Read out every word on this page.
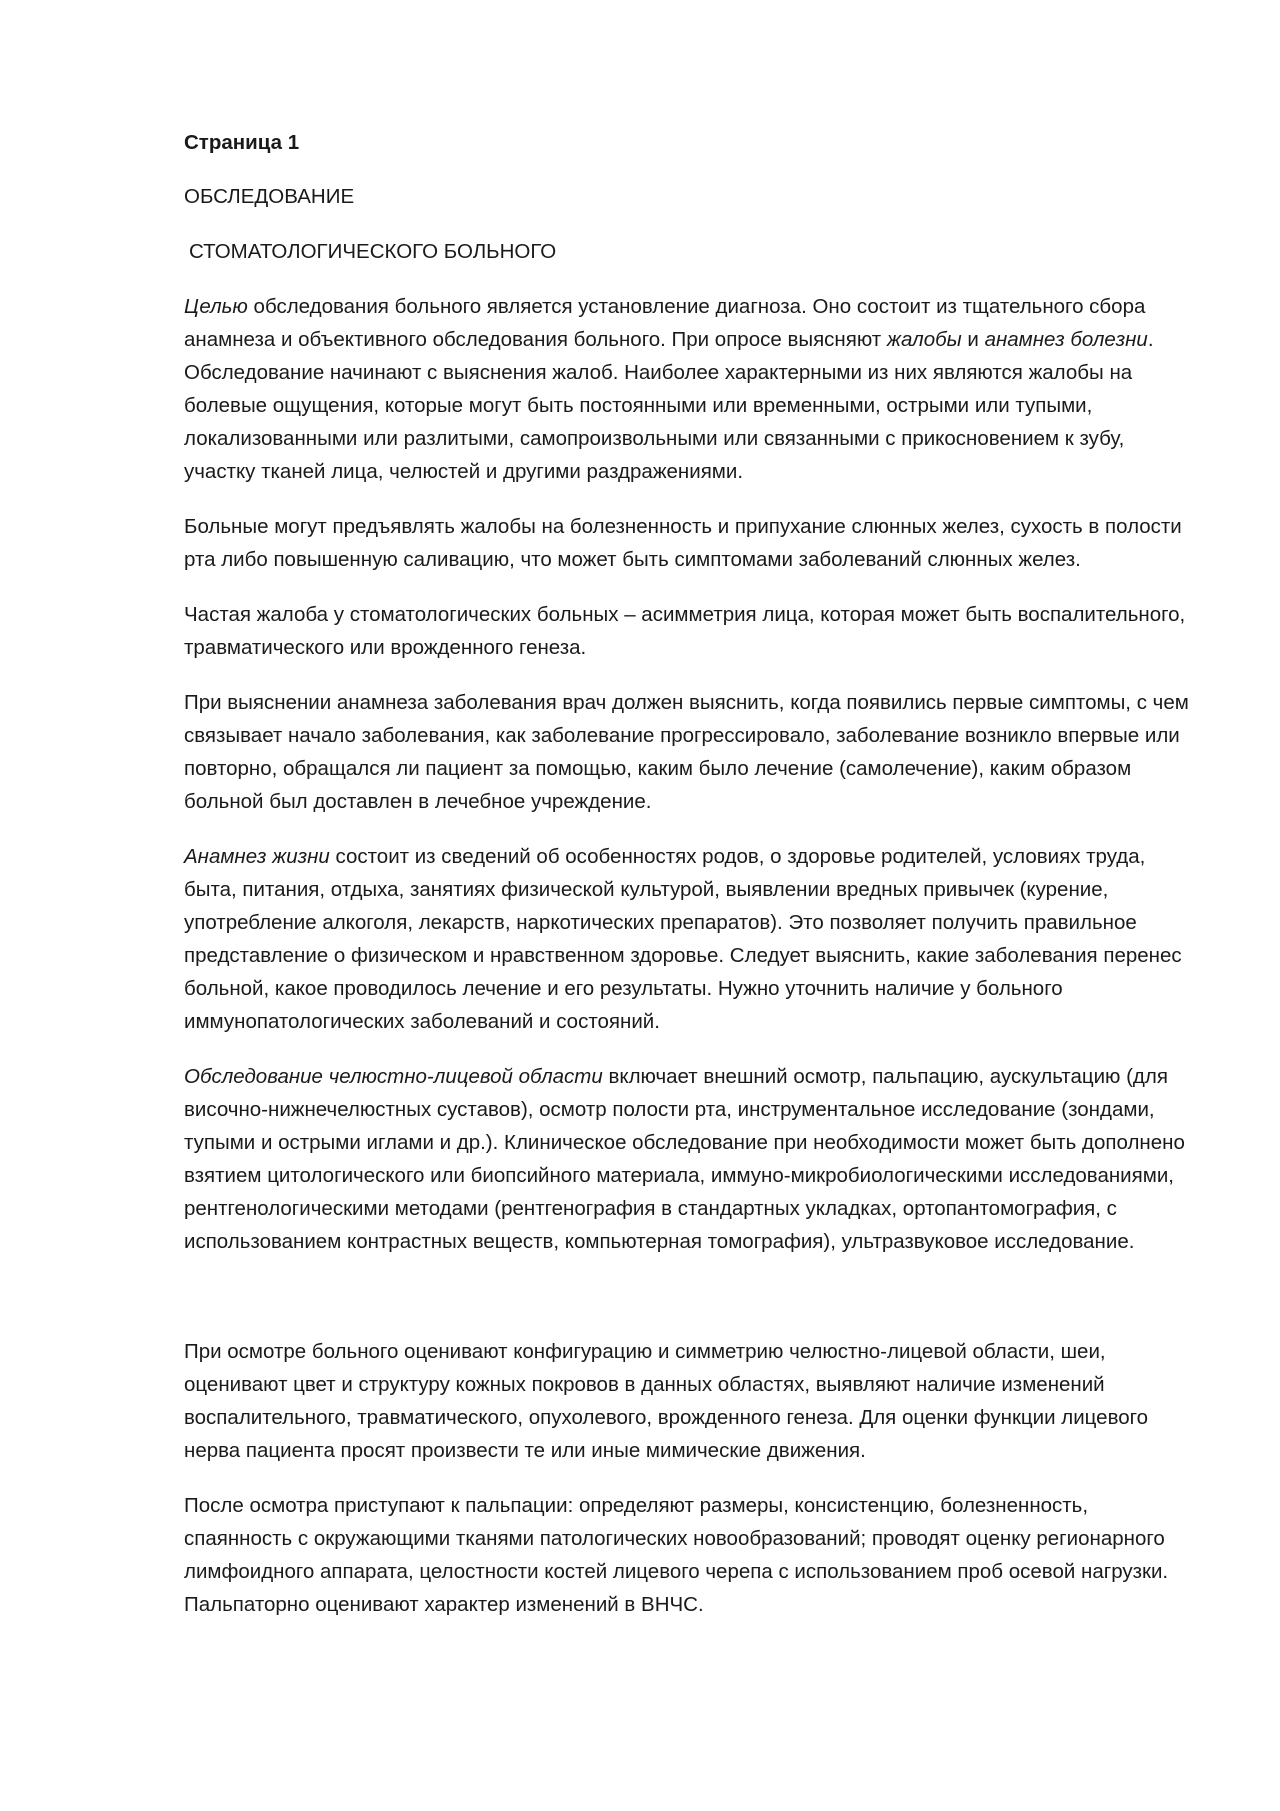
Страница 1

ОБСЛЕДОВАНИЕ

СТОМАТОЛОГИЧЕСКОГО БОЛЬНОГО

Целью обследования больного является установление диагноза. Оно состоит из тщательного сбора анамнеза и объективного обследования больного. При опросе выясняют жалобы и анамнез болезни. Обследование начинают с выяснения жалоб. Наиболее характерными из них являются жалобы на болевые ощущения, которые могут быть постоянными или временными, острыми или тупыми, локализованными или разлитыми, самопроизвольными или связанными с прикосновением к зубу, участку тканей лица, челюстей и другими раздражениями.

Больные могут предъявлять жалобы на болезненность и припухание слюнных желез, сухость в полости рта либо повышенную саливацию, что может быть симптомами заболеваний слюнных желез.

Частая жалоба у стоматологических больных – асимметрия лица, которая может быть воспалительного, травматического или врожденного генеза.

При выяснении анамнеза заболевания врач должен выяснить, когда появились первые симптомы, с чем связывает начало заболевания, как заболевание прогрессировало, заболевание возникло впервые или повторно, обращался ли пациент за помощью, каким было лечение (самолечение), каким образом больной был доставлен в лечебное учреждение.

Анамнез жизни состоит из сведений об особенностях родов, о здоровье родителей, условиях труда, быта, питания, отдыха, занятиях физической культурой, выявлении вредных привычек (курение, употребление алкоголя, лекарств, наркотических препаратов). Это позволяет получить правильное представление о физическом и нравственном здоровье. Следует выяснить, какие заболевания перенес больной, какое проводилось лечение и его результаты. Нужно уточнить наличие у больного иммунопатологических заболеваний и состояний.

Обследование челюстно-лицевой области включает внешний осмотр, пальпацию, аускультацию (для височно-нижнечелюстных суставов), осмотр полости рта, инструментальное исследование (зондами, тупыми и острыми иглами и др.). Клиническое обследование при необходимости может быть дополнено взятием цитологического или биопсийного материала, иммуно-микробиологическими исследованиями, рентгенологическими методами (рентгенография в стандартных укладках, ортопантомография, с использованием контрастных веществ, компьютерная томография), ультразвуковое исследование.

При осмотре больного оценивают конфигурацию и симметрию челюстно-лицевой области, шеи, оценивают цвет и структуру кожных покровов в данных областях, выявляют наличие изменений воспалительного, травматического, опухолевого, врожденного генеза. Для оценки функции лицевого нерва пациента просят произвести те или иные мимические движения.

После осмотра приступают к пальпации: определяют размеры, консистенцию, болезненность, спаянность с окружающими тканями патологических новообразований; проводят оценку регионарного лимфоидного аппарата, целостности костей лицевого черепа с использованием проб осевой нагрузки. Пальпаторно оценивают характер изменений в ВНЧС.
